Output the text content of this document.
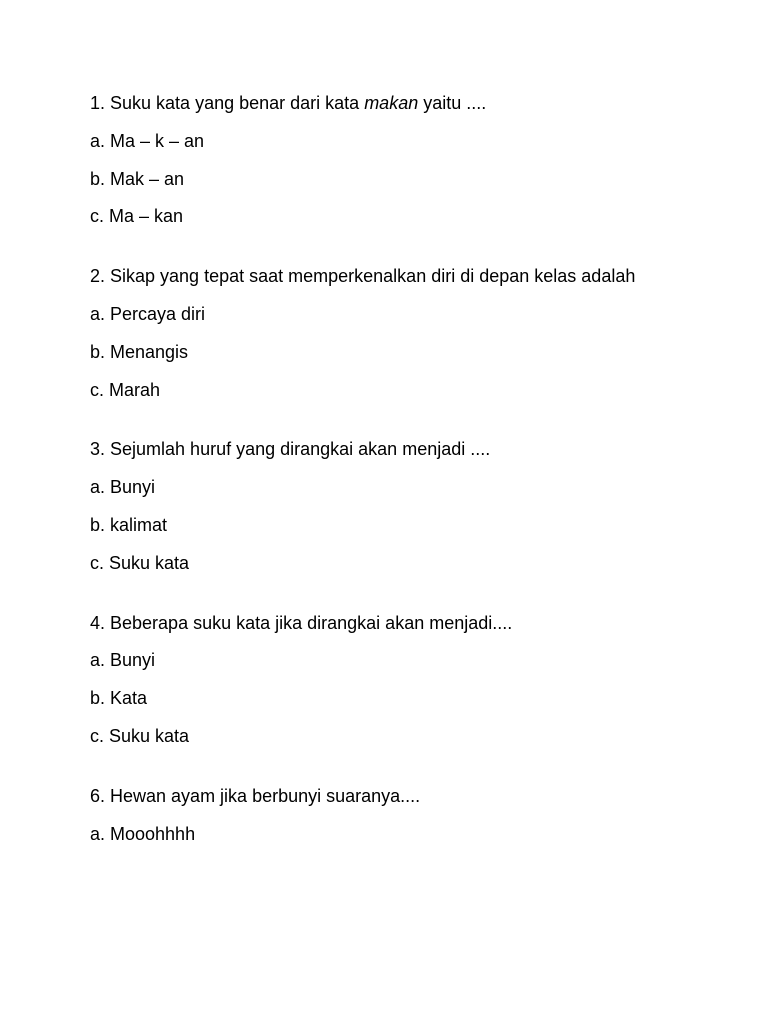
1. Suku kata yang benar dari kata makan yaitu ....
a. Ma – k – an
b. Mak – an
c. Ma – kan
2. Sikap yang tepat saat memperkenalkan diri di depan kelas adalah
a. Percaya diri
b. Menangis
c. Marah
3. Sejumlah huruf yang dirangkai akan menjadi ....
a. Bunyi
b. kalimat
c. Suku kata
4. Beberapa suku kata jika dirangkai akan menjadi....
a. Bunyi
b. Kata
c. Suku kata
6. Hewan ayam jika berbunyi suaranya....
a. Mooohhhh
